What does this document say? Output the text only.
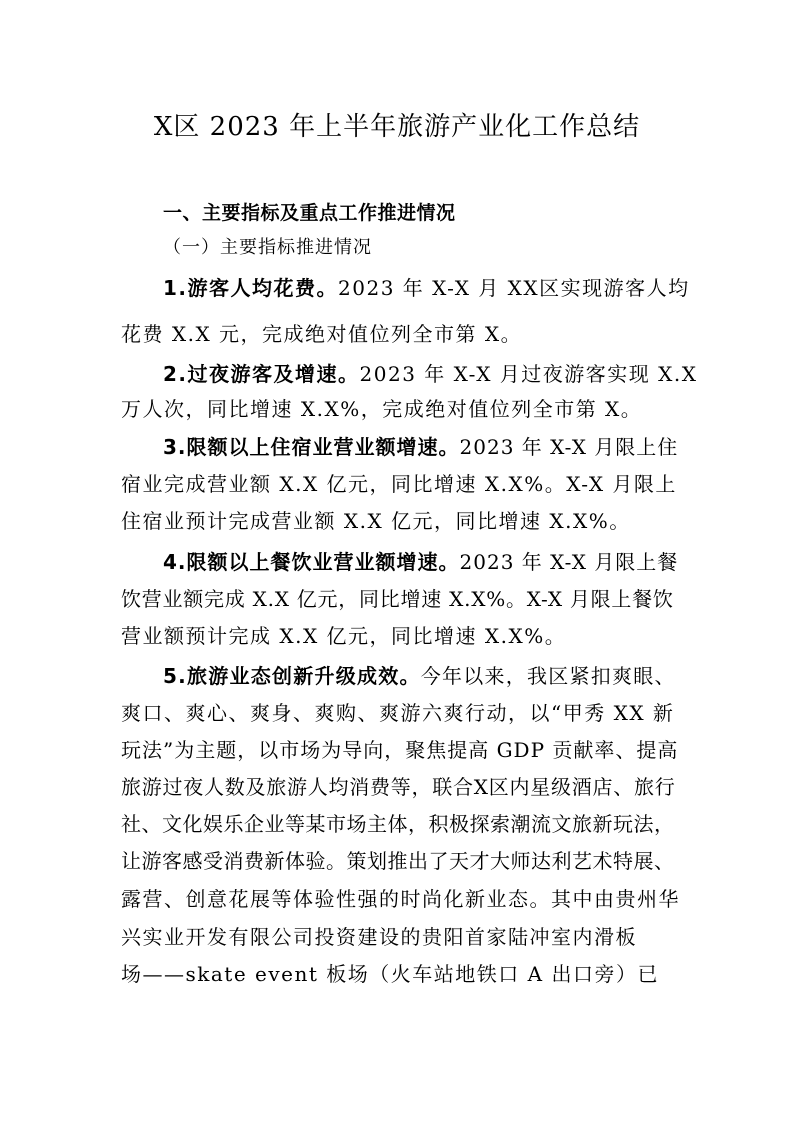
X区 2023 年上半年旅游产业化工作总结
一、主要指标及重点工作推进情况
（一）主要指标推进情况
1.游客人均花费。2023 年 X-X 月 XX区实现游客人均
花费 X.X 元，完成绝对值位列全市第 X。
2.过夜游客及增速。2023 年 X-X 月过夜游客实现 X.X
万人次，同比增速 X.X%，完成绝对值位列全市第 X。
3.限额以上住宿业营业额增速。2023 年 X-X 月限上住
宿业完成营业额 X.X 亿元，同比增速 X.X%。X-X 月限上
住宿业预计完成营业额 X.X 亿元，同比增速 X.X%。
4.限额以上餐饮业营业额增速。2023 年 X-X 月限上餐
饮营业额完成 X.X 亿元，同比增速 X.X%。X-X 月限上餐饮
营业额预计完成 X.X 亿元，同比增速 X.X%。
5.旅游业态创新升级成效。今年以来，我区紧扣爽眼、
爽口、爽心、爽身、爽购、爽游六爽行动，以“甲秀 XX 新
玩法”为主题，以市场为导向，聚焦提高 GDP 贡献率、提高
旅游过夜人数及旅游人均消费等，联合X区内星级酒店、旅行
社、文化娱乐企业等某市场主体，积极探索潮流文旅新玩法，
让游客感受消费新体验。策划推出了天才大师达利艺术特展、
露营、创意花展等体验性强的时尚化新业态。其中由贵州华
兴实业开发有限公司投资建设的贵阳首家陆冲室内滑板
场——skate event 板场（火车站地铁口 A 出口旁）已
